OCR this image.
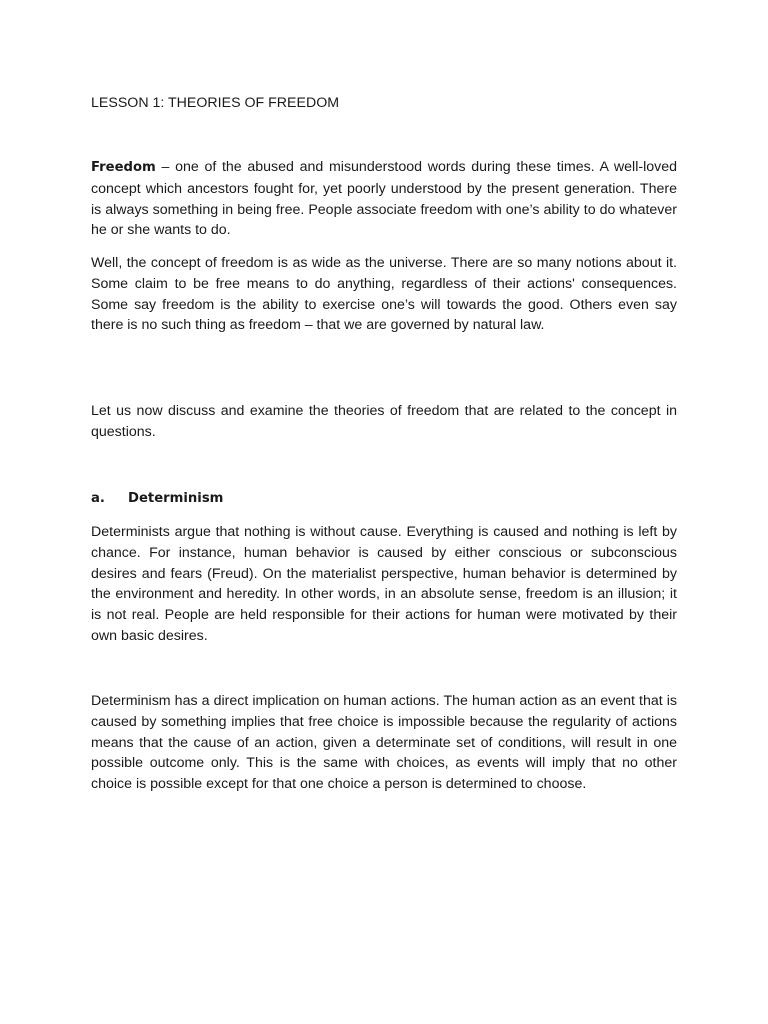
LESSON 1: THEORIES OF FREEDOM

Freedom – one of the abused and misunderstood words during these times. A well-loved concept which ancestors fought for, yet poorly understood by the present generation. There is always something in being free. People associate freedom with one’s ability to do whatever he or she wants to do.

Well, the concept of freedom is as wide as the universe. There are so many notions about it. Some claim to be free means to do anything, regardless of their actions' consequences. Some say freedom is the ability to exercise one’s will towards the good. Others even say there is no such thing as freedom – that we are governed by natural law.

Let us now discuss and examine the theories of freedom that are related to the concept in questions.

a. Determinism

Determinists argue that nothing is without cause. Everything is caused and nothing is left by chance. For instance, human behavior is caused by either conscious or subconscious desires and fears (Freud). On the materialist perspective, human behavior is determined by the environment and heredity. In other words, in an absolute sense, freedom is an illusion; it is not real. People are held responsible for their actions for human were motivated by their own basic desires.

Determinism has a direct implication on human actions. The human action as an event that is caused by something implies that free choice is impossible because the regularity of actions means that the cause of an action, given a determinate set of conditions, will result in one possible outcome only. This is the same with choices, as events will imply that no other choice is possible except for that one choice a person is determined to choose.
